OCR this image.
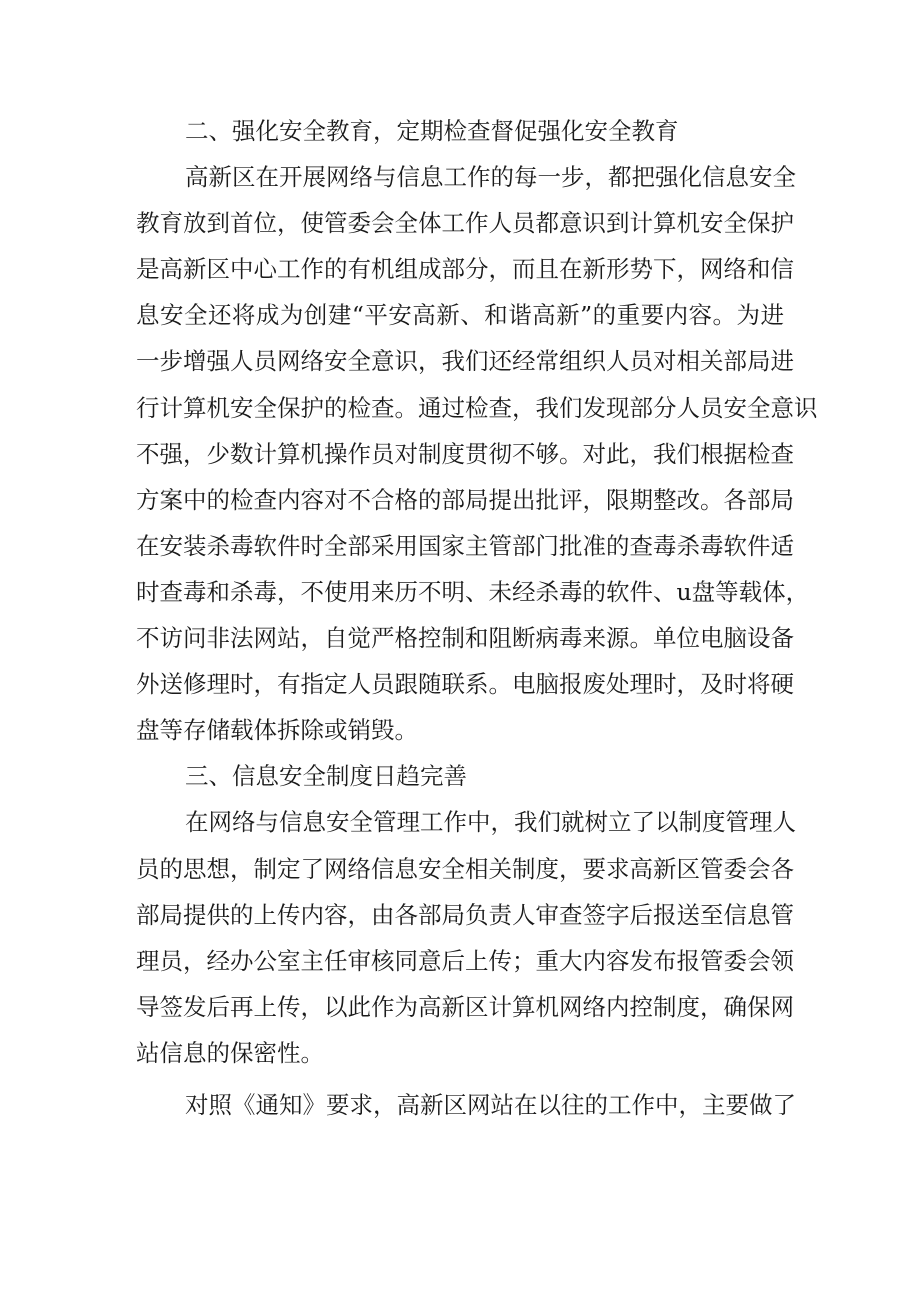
二、强化安全教育，定期检查督促强化安全教育
高新区在开展网络与信息工作的每一步，都把强化信息安全
教育放到首位，使管委会全体工作人员都意识到计算机安全保护
是高新区中心工作的有机组成部分，而且在新形势下，网络和信
息安全还将成为创建“平安高新、和谐高新”的重要内容。为进
一步增强人员网络安全意识，我们还经常组织人员对相关部局进
行计算机安全保护的检查。通过检查，我们发现部分人员安全意识
不强，少数计算机操作员对制度贯彻不够。对此，我们根据检查
方案中的检查内容对不合格的部局提出批评，限期整改。各部局
在安装杀毒软件时全部采用国家主管部门批准的查毒杀毒软件适
时查毒和杀毒，不使用来历不明、未经杀毒的软件、u盘等载体，
不访问非法网站，自觉严格控制和阻断病毒来源。单位电脑设备
外送修理时，有指定人员跟随联系。电脑报废处理时，及时将硬
盘等存储载体拆除或销毁。
三、信息安全制度日趋完善
在网络与信息安全管理工作中，我们就树立了以制度管理人
员的思想，制定了网络信息安全相关制度，要求高新区管委会各
部局提供的上传内容，由各部局负责人审查签字后报送至信息管
理员，经办公室主任审核同意后上传；重大内容发布报管委会领
导签发后再上传，以此作为高新区计算机网络内控制度，确保网
站信息的保密性。
对照《通知》要求，高新区网站在以往的工作中，主要做了
